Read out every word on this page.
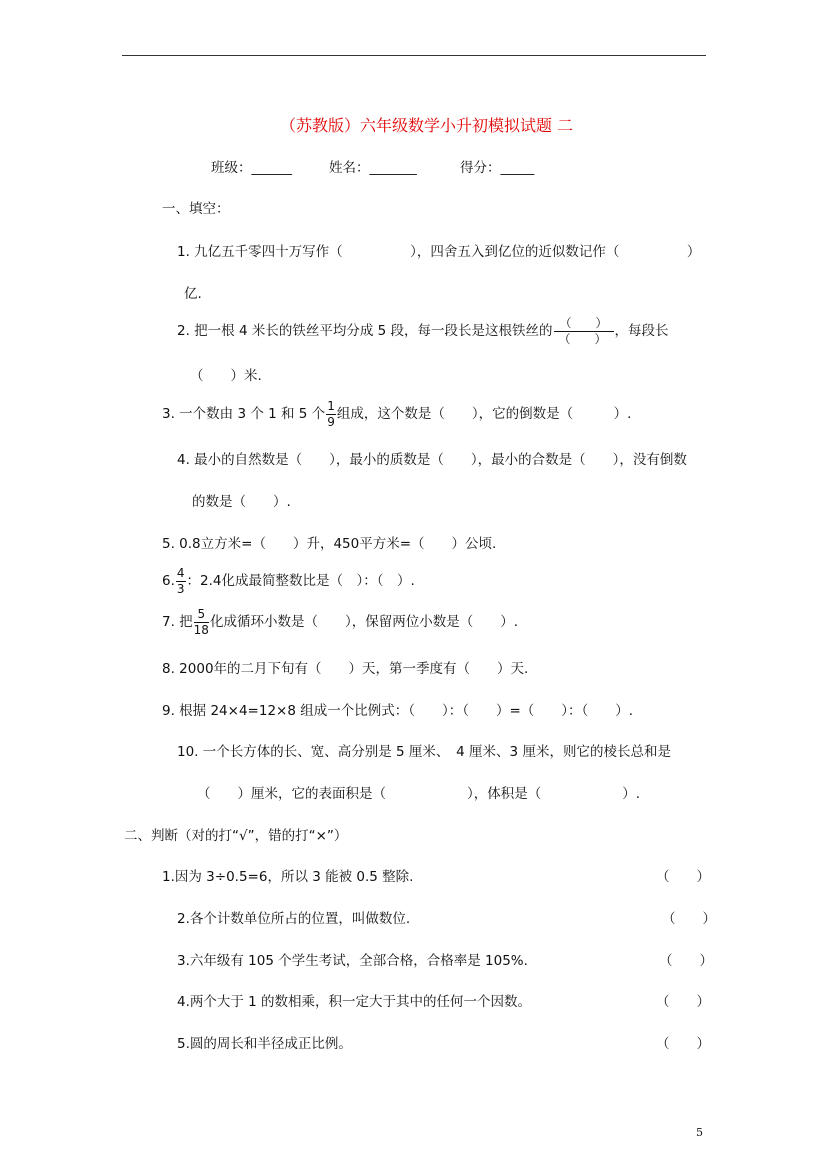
（苏教版）六年级数学小升初模拟试题 二
班级：______	姓名：_______	得分：_____
一、填空：
1. 九亿五千零四十万写作（　　　　　），四舍五入到亿位的近似数记作（　　　　　）
亿.
2. 把一根 4 米长的铁丝平均分成 5 段，每一段长是这根铁丝的 $\frac{( )}{( )}$ ，每段长
（　　）米.
3. 一个数由 3 个 1 和 5 个 $\frac{1}{9}$ 组成，这个数是（　　），它的倒数是（　　　）.
4. 最小的自然数是（　　），最小的质数是（　　），最小的合数是（　　），没有倒数
的数是（　　）.
5. 0.8立方米=（　　）升，450平方米=（　　）公顷.
6. $\frac{4}{3}$ ：2.4化成最简整数比是（　）：（　）.
7. 把 $\frac{5}{18}$ 化成循环小数是（　　），保留两位小数是（　　）.
8. 2000年的二月下旬有（　　）天，第一季度有（　　）天.
9. 根据 24×4=12×8 组成一个比例式：（　　）：（　　）=（　　）：（　　）.
10. 一个长方体的长、宽、高分别是 5 厘米、　4 厘米、3 厘米，则它的棱长总和是
（　　）厘米，它的表面积是（　　　　　　），体积是（　　　　　　）.
二、判断（对的打“√”，错的打“×”）
1.因为 3÷0.5=6，所以 3 能被 0.5 整除.	（　　）
2.各个计数单位所占的位置，叫做数位.	（　　）
3.六年级有 105 个学生考试，全部合格，合格率是 105%.	（　　）
4.两个大于 1 的数相乘，积一定大于其中的任何一个因数。	（　　）
5.圆的周长和半径成正比例。	（　　）
5
